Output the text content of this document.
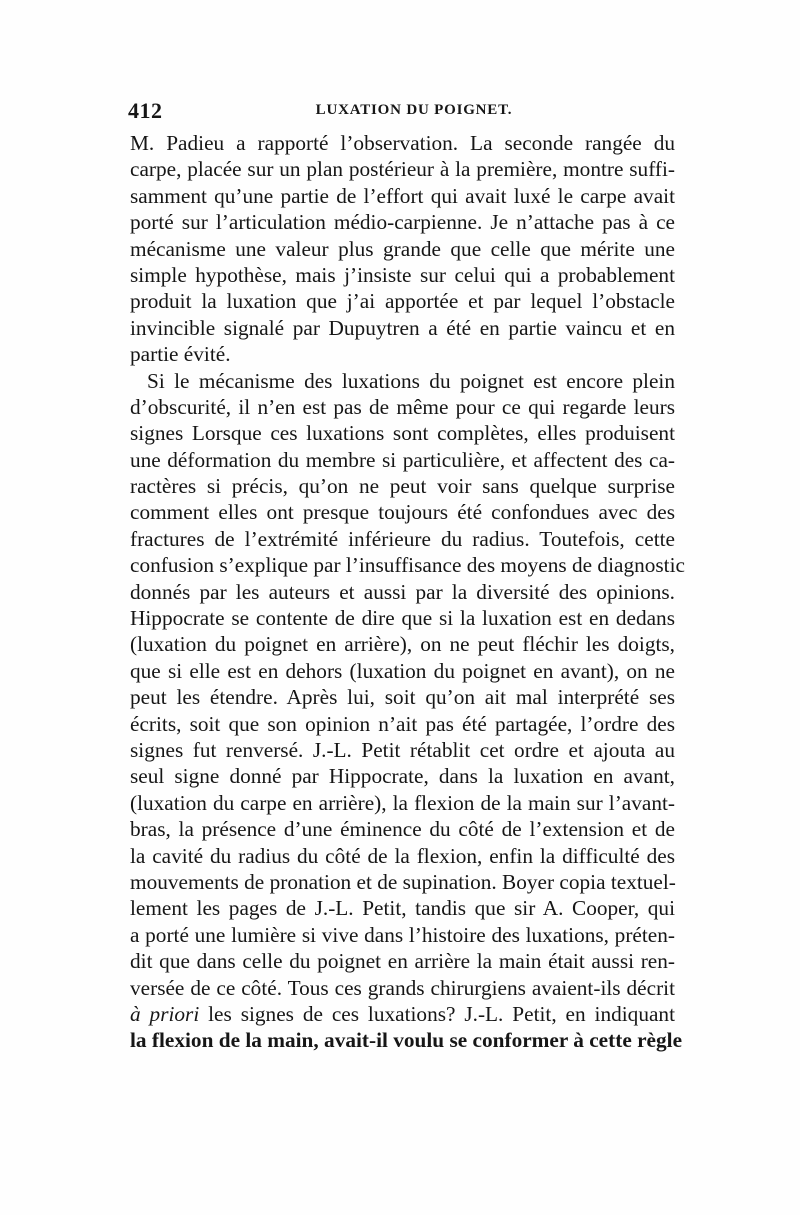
412	LUXATION DU POIGNET.
M. Padieu a rapporté l’observation. La seconde rangée du
carpe, placée sur un plan postérieur à la première, montre suffi-
samment qu’une partie de l’effort qui avait luxé le carpe avait
porté sur l’articulation médio-carpienne. Je n’attache pas à ce
mécanisme une valeur plus grande que celle que mérite une
simple hypothèse, mais j’insiste sur celui qui a probablement
produit la luxation que j’ai apportée et par lequel l’obstacle
invincible signalé par Dupuytren a été en partie vaincu et en
partie évité.
Si le mécanisme des luxations du poignet est encore plein
d’obscurité, il n’en est pas de même pour ce qui regarde leurs
signes Lorsque ces luxations sont complètes, elles produisent
une déformation du membre si particulière, et affectent des ca-
ractères si précis, qu’on ne peut voir sans quelque surprise
comment elles ont presque toujours été confondues avec des
fractures de l’extrémité inférieure du radius. Toutefois, cette
confusion s’explique par l’insuffisance des moyens de diagnostic
donnés par les auteurs et aussi par la diversité des opinions.
Hippocrate se contente de dire que si la luxation est en dedans
(luxation du poignet en arrière), on ne peut fléchir les doigts,
que si elle est en dehors (luxation du poignet en avant), on ne
peut les étendre. Après lui, soit qu’on ait mal interprété ses
écrits, soit que son opinion n’ait pas été partagée, l’ordre des
signes fut renversé. J.-L. Petit rétablit cet ordre et ajouta au
seul signe donné par Hippocrate, dans la luxation en avant,
(luxation du carpe en arrière), la flexion de la main sur l’avant-
bras, la présence d’une éminence du côté de l’extension et de
la cavité du radius du côté de la flexion, enfin la difficulté des
mouvements de pronation et de supination. Boyer copia textuel-
lement les pages de J.-L. Petit, tandis que sir A. Cooper, qui
a porté une lumière si vive dans l’histoire des luxations, préten-
dit que dans celle du poignet en arrière la main était aussi ren-
versée de ce côté. Tous ces grands chirurgiens avaient-ils décrit
à priori les signes de ces luxations? J.-L. Petit, en indiquant
la flexion de la main, avait-il voulu se conformer à cette règle
